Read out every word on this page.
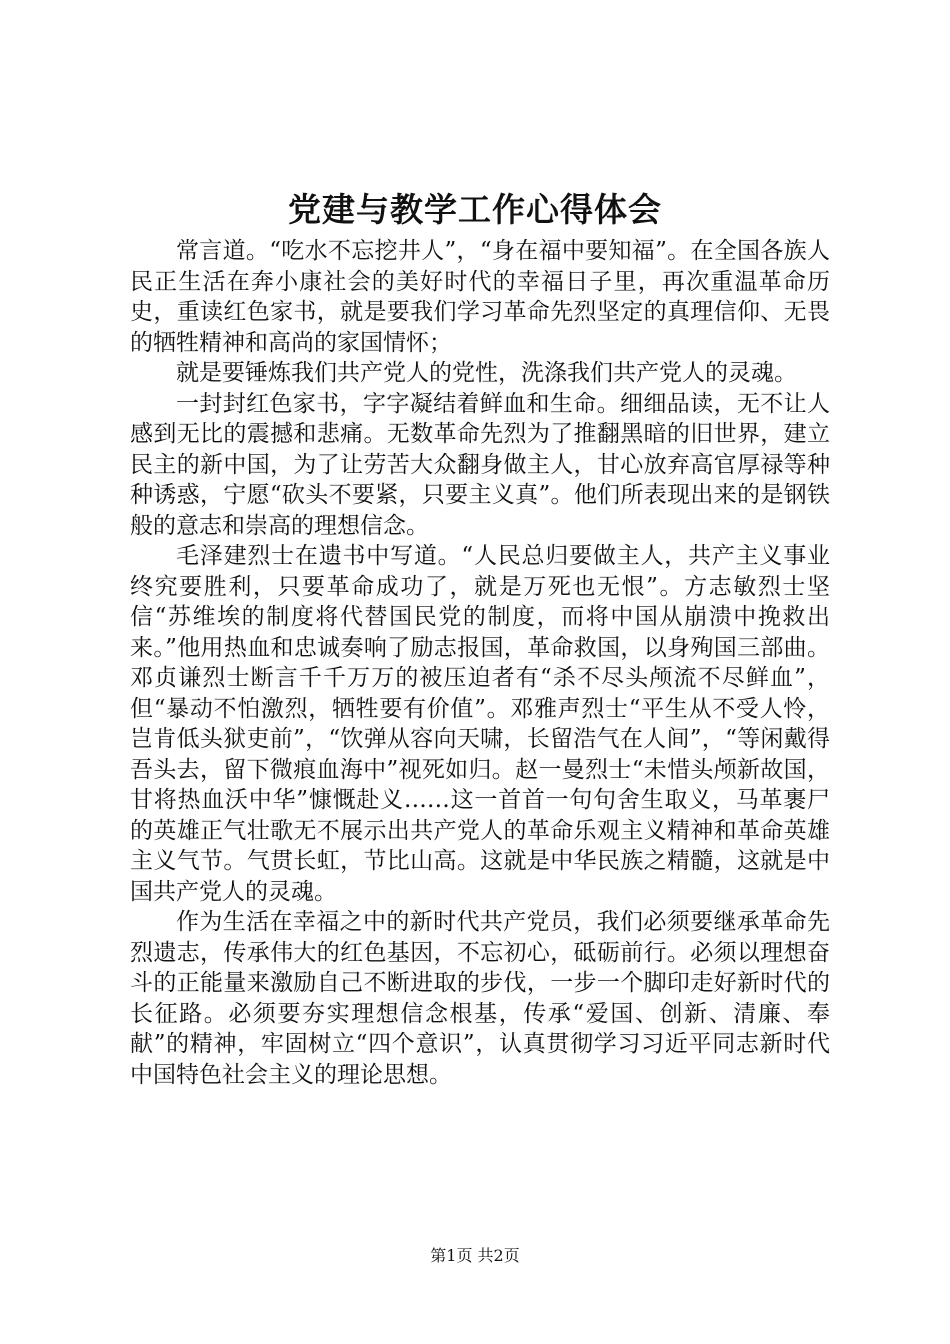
党建与教学工作心得体会

常言道。“吃水不忘挖井人”，“身在福中要知福”。在全国各族人民正生活在奔小康社会的美好时代的幸福日子里，再次重温革命历史，重读红色家书，就是要我们学习革命先烈坚定的真理信仰、无畏的牺牲精神和高尚的家国情怀；

就是要锤炼我们共产党人的党性，洗涤我们共产党人的灵魂。

一封封红色家书，字字凝结着鲜血和生命。细细品读，无不让人感到无比的震撼和悲痛。无数革命先烈为了推翻黑暗的旧世界，建立民主的新中国，为了让劳苦大众翻身做主人，甘心放弃高官厚禄等种种诱惑，宁愿“砍头不要紧，只要主义真”。他们所表现出来的是钢铁般的意志和崇高的理想信念。

毛泽建烈士在遗书中写道。“人民总归要做主人，共产主义事业终究要胜利，只要革命成功了，就是万死也无恨”。方志敏烈士坚信“苏维埃的制度将代替国民党的制度，而将中国从崩溃中挽救出来。”他用热血和忠诚奏响了励志报国，革命救国，以身殉国三部曲。邓贞谦烈士断言千千万万的被压迫者有“杀不尽头颅流不尽鲜血”，但“暴动不怕激烈，牺牲要有价值”。邓雅声烈士“平生从不受人怜，岂肯低头狱吏前”，“饮弹从容向天啸，长留浩气在人间”，“等闲戴得吾头去，留下微痕血海中”视死如归。赵一曼烈士“未惜头颅新故国，甘将热血沃中华”慷慨赴义……这一首首一句句舍生取义，马革裹尸的英雄正气壮歌无不展示出共产党人的革命乐观主义精神和革命英雄主义气节。气贯长虹，节比山高。这就是中华民族之精髓，这就是中国共产党人的灵魂。

作为生活在幸福之中的新时代共产党员，我们必须要继承革命先烈遗志，传承伟大的红色基因，不忘初心，砥砺前行。必须以理想奋斗的正能量来激励自己不断进取的步伐，一步一个脚印走好新时代的长征路。必须要夯实理想信念根基，传承“爱国、创新、清廉、奉献”的精神，牢固树立“四个意识”，认真贯彻学习习近平同志新时代中国特色社会主义的理论思想。

第1页 共2页
